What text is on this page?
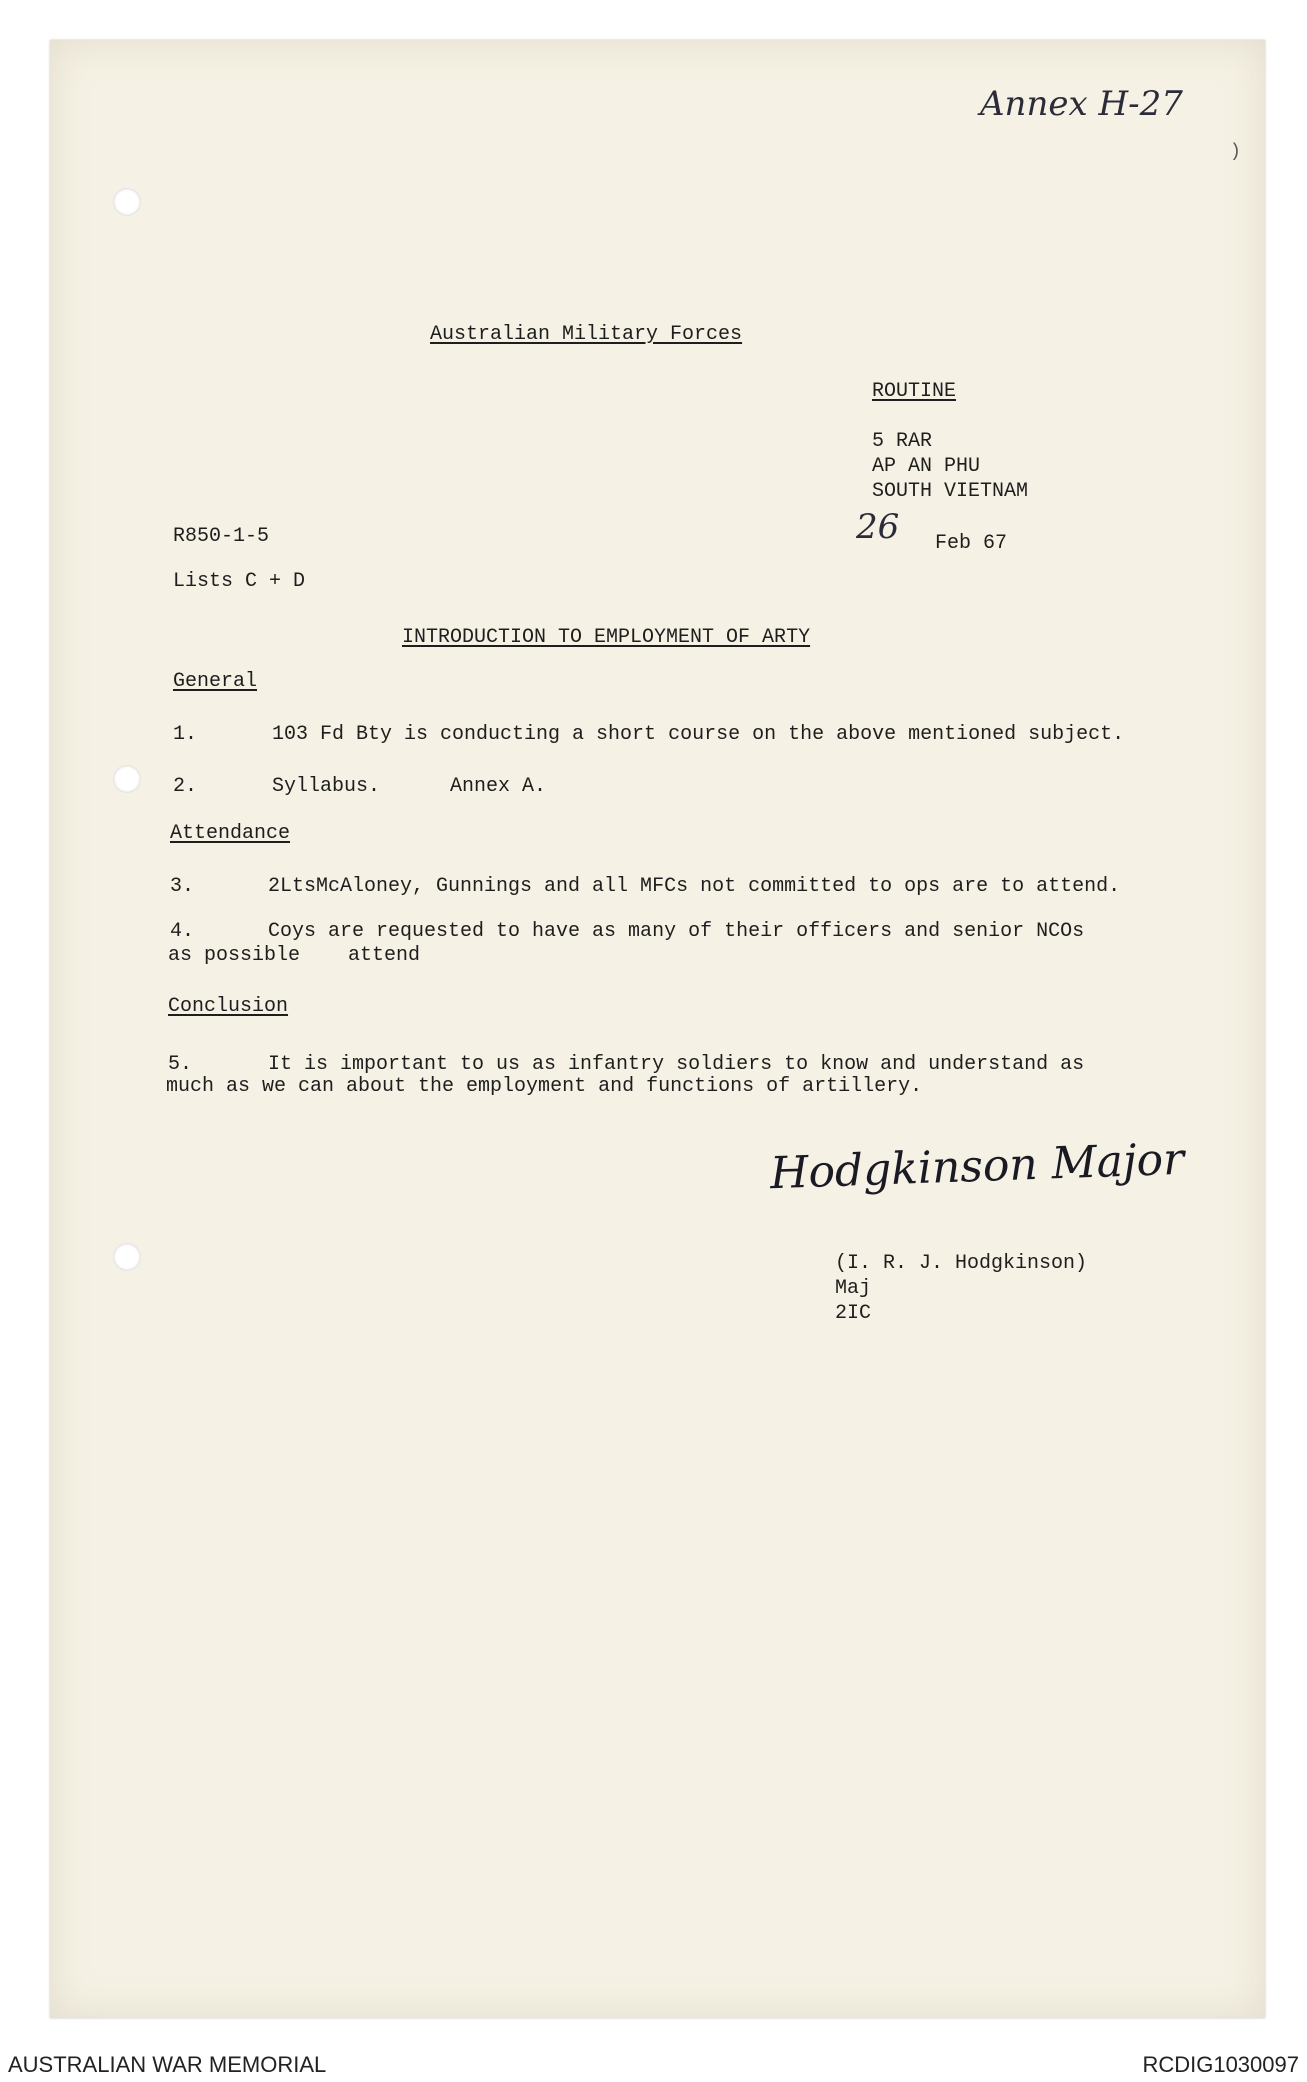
Annex H-27
)
Australian Military Forces
ROUTINE
5 RAR
AP AN PHU
SOUTH VIETNAM
26 Feb 67
R850-1-5
Lists C + D
INTRODUCTION TO EMPLOYMENT OF ARTY
General
1.	103 Fd Bty is conducting a short course on the above mentioned subject.
2.	Syllabus.	Annex A.
Attendance
3.	2LtsMcAloney, Gunnings and all MFCs not committed to ops are to attend.
4.	Coys are requested to have as many of their officers and senior NCOs
as possible    attend
Conclusion
5.	It is important to us as infantry soldiers to know and understand as
much as we can about the employment and functions of artillery.
Hodgkinson Major
(I. R. J. Hodgkinson)
Maj
2IC
AUSTRALIAN WAR MEMORIAL	RCDIG1030097
